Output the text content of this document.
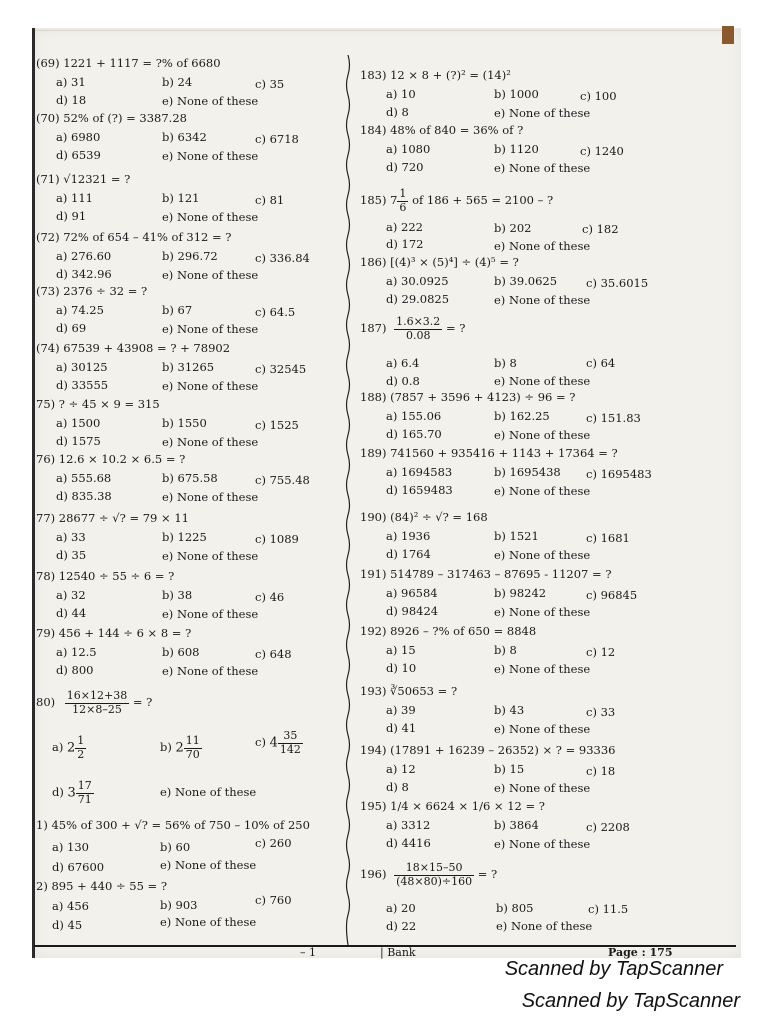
(69) 1221 + 1117 = ?% of 6680
a) 31	b) 24	c) 35
d) 18	e) None of these
(70) 52% of (?) = 3387.28
a) 6980	b) 6342	c) 6718
d) 6539	e) None of these
(71) √12321 = ?
a) 111	b) 121	c) 81
d) 91	e) None of these
(72) 72% of 654 – 41% of 312 = ?
a) 276.60	b) 296.72	c) 336.84
d) 342.96	e) None of these
(73) 2376 ÷ 32 = ?
a) 74.25	b) 67	c) 64.5
d) 69	e) None of these
(74) 67539 + 43908 = ? + 78902
a) 30125	b) 31265	c) 32545
d) 33555	e) None of these
75) ? ÷ 45 × 9 = 315
a) 1500	b) 1550	c) 1525
d) 1575	e) None of these
76) 12.6 × 10.2 × 6.5 = ?
a) 555.68	b) 675.58	c) 755.48
d) 835.38	e) None of these
77) 28677 ÷ √? = 79 × 11
a) 33	b) 1225	c) 1089
d) 35	e) None of these
78) 12540 ÷ 55 ÷ 6 = ?
a) 32	b) 38	c) 46
d) 44	e) None of these
79) 456 + 144 ÷ 6 × 8 = ?
a) 12.5	b) 608	c) 648
d) 800	e) None of these
$80) \frac{16\times 12+38}{12\times 8-25}$ = ?
a) $2 \frac{1}{2}$	b) $2 \frac{11}{70}$	c) $4 \frac{35}{142}$
d) $3 \frac{17}{71}$	e) None of these
1) 45% of 300 + √? = 56% of 750 – 10% of 250
a) 130	b) 60	c) 260
d) 67600	e) None of these
2) 895 + 440 ÷ 55 = ?
a) 456	b) 903	c) 760
d) 45	e) None of these
183) 12 × 8 + (?)² = (14)²
a) 10	b) 1000	c) 100
d) 8	e) None of these
184) 48% of 840 = 36% of ?
a) 1080	b) 1120	c) 1240
d) 720	e) None of these
185) $7 \frac{1}{6}$ of 186 + 565 = 2100 – ?
a) 222	b) 202	c) 182
d) 172	e) None of these
186) [(4)³ × (5)⁴] ÷ (4)⁵ = ?
a) 30.0925	b) 39.0625	c) 35.6015
d) 29.0825	e) None of these
$187) \frac{1.6\times 3.2}{0.08}$ = ?
a) 6.4	b) 8	c) 64
d) 0.8	e) None of these
188) (7857 + 3596 + 4123) ÷ 96 = ?
a) 155.06	b) 162.25	c) 151.83
d) 165.70	e) None of these
189) 741560 + 935416 + 1143 + 17364 = ?
a) 1694583	b) 1695438 c) 1695483
d) 1659483	e) None of these
190) (84)² ÷ √? = 168
a) 1936	b) 1521	c) 1681
d) 1764	e) None of these
191) 514789 – 317463 – 87695 - 11207 = ?
a) 96584	b) 98242	c) 96845
d) 98424	e) None of these
192) 8926 – ?% of 650 = 8848
a) 15	b) 8	c) 12
d) 10	e) None of these
193) ∛50653 = ?
a) 39	b) 43	c) 33
d) 41	e) None of these
194) (17891 + 16239 – 26352) × ? = 93336
a) 12	b) 15	c) 18
d) 8	e) None of these
195) 1/4 × 6624 × 1/6 × 12 = ?
a) 3312	b) 3864	c) 2208
d) 4416	e) None of these
$196) \frac{18\times 15-50}{(48\times 80)\div 160}$ = ?
a) 20	b) 805	c) 11.5
d) 22	e) None of these
– 1	| Bank	Page : 175
Scanned by TapScanner
Scanned by TapScanner
